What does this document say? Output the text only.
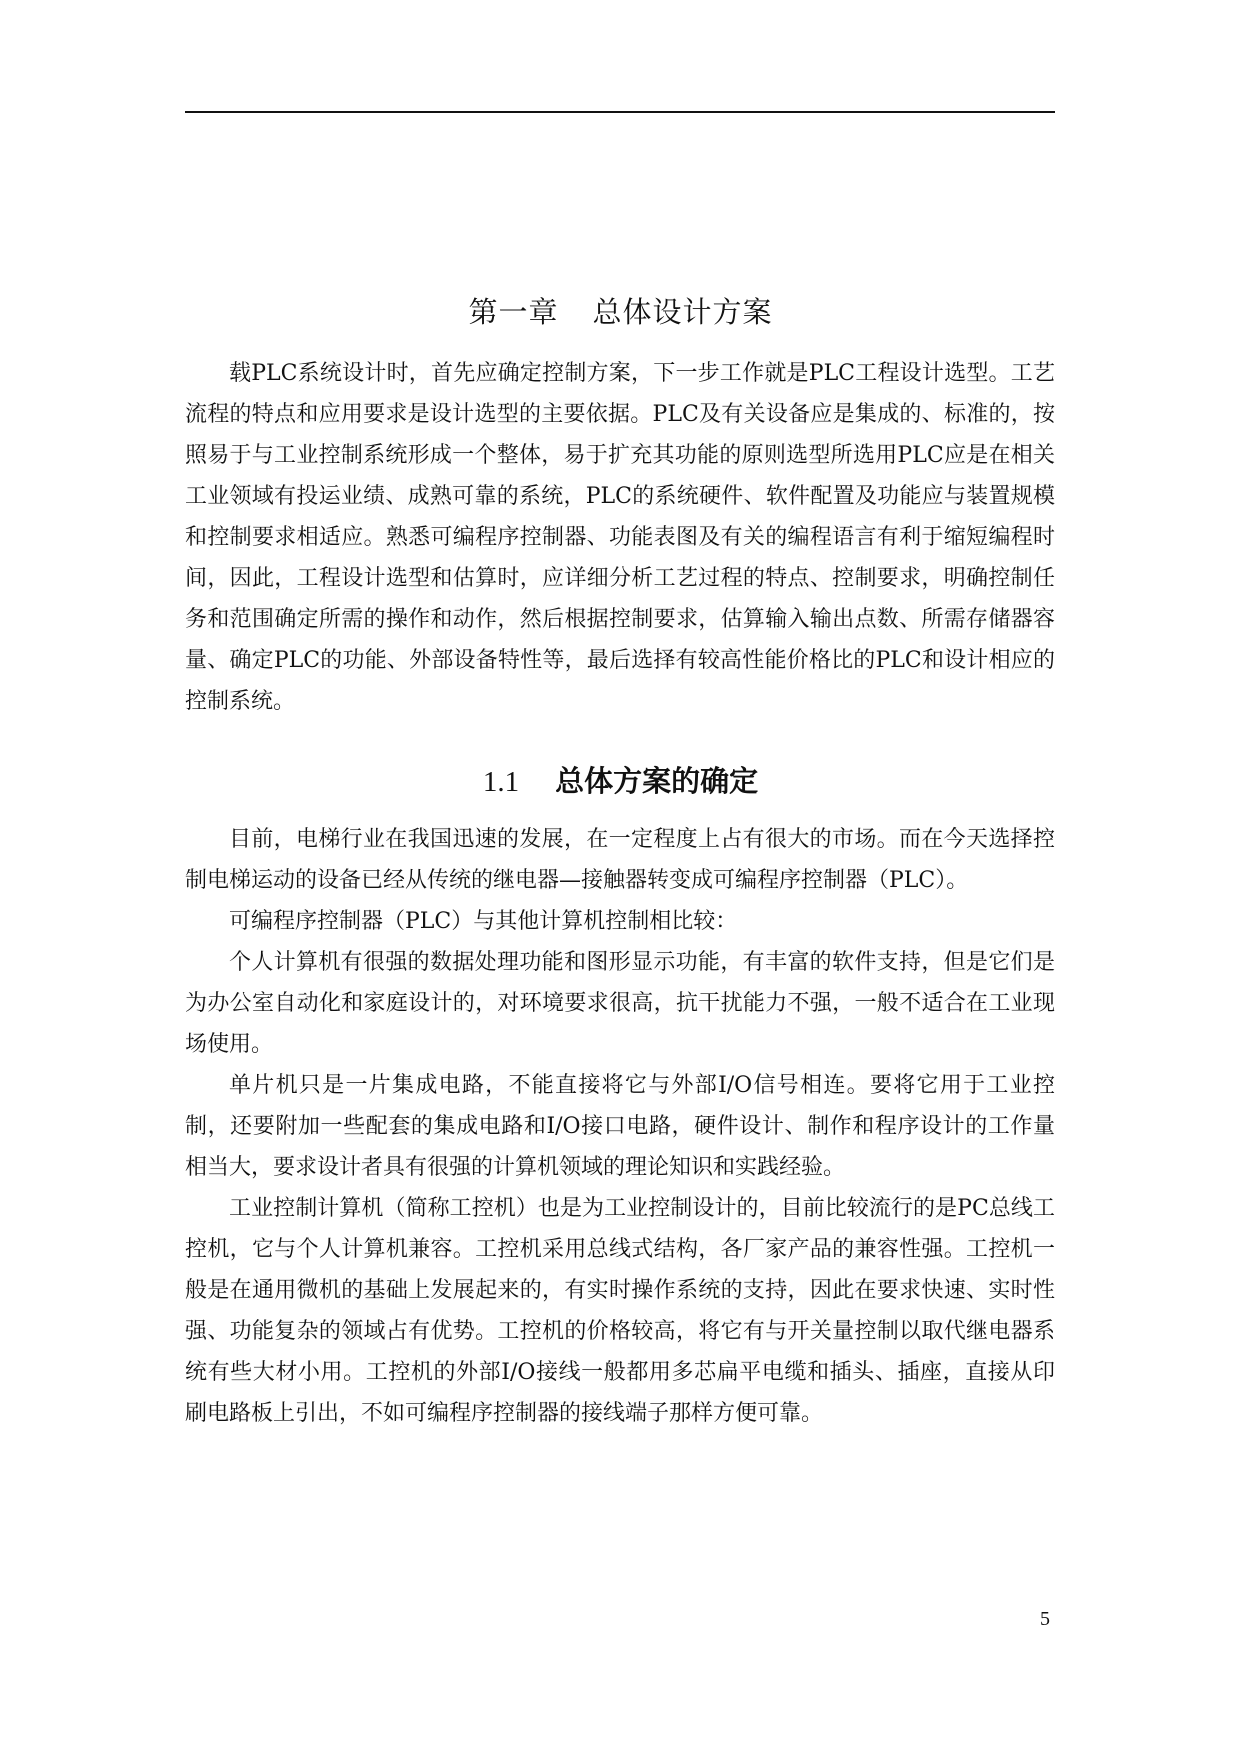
第一章 总体设计方案

载PLC系统设计时，首先应确定控制方案，下一步工作就是PLC工程设计选型。工艺流程的特点和应用要求是设计选型的主要依据。PLC及有关设备应是集成的、标准的，按照易于与工业控制系统形成一个整体，易于扩充其功能的原则选型所选用PLC应是在相关工业领域有投运业绩、成熟可靠的系统，PLC的系统硬件、软件配置及功能应与装置规模和控制要求相适应。熟悉可编程序控制器、功能表图及有关的编程语言有利于缩短编程时间，因此，工程设计选型和估算时，应详细分析工艺过程的特点、控制要求，明确控制任务和范围确定所需的操作和动作，然后根据控制要求，估算输入输出点数、所需存储器容量、确定PLC的功能、外部设备特性等，最后选择有较高性能价格比的PLC和设计相应的控制系统。

1.1 总体方案的确定

目前，电梯行业在我国迅速的发展，在一定程度上占有很大的市场。而在今天选择控制电梯运动的设备已经从传统的继电器—接触器转变成可编程序控制器（PLC）。

可编程序控制器（PLC）与其他计算机控制相比较：

个人计算机有很强的数据处理功能和图形显示功能，有丰富的软件支持，但是它们是为办公室自动化和家庭设计的，对环境要求很高，抗干扰能力不强，一般不适合在工业现场使用。

单片机只是一片集成电路，不能直接将它与外部I/O信号相连。要将它用于工业控制，还要附加一些配套的集成电路和I/O接口电路，硬件设计、制作和程序设计的工作量相当大，要求设计者具有很强的计算机领域的理论知识和实践经验。

工业控制计算机（简称工控机）也是为工业控制设计的，目前比较流行的是PC总线工控机，它与个人计算机兼容。工控机采用总线式结构，各厂家产品的兼容性强。工控机一般是在通用微机的基础上发展起来的，有实时操作系统的支持，因此在要求快速、实时性强、功能复杂的领域占有优势。工控机的价格较高，将它有与开关量控制以取代继电器系统有些大材小用。工控机的外部I/O接线一般都用多芯扁平电缆和插头、插座，直接从印刷电路板上引出，不如可编程序控制器的接线端子那样方便可靠。

5
